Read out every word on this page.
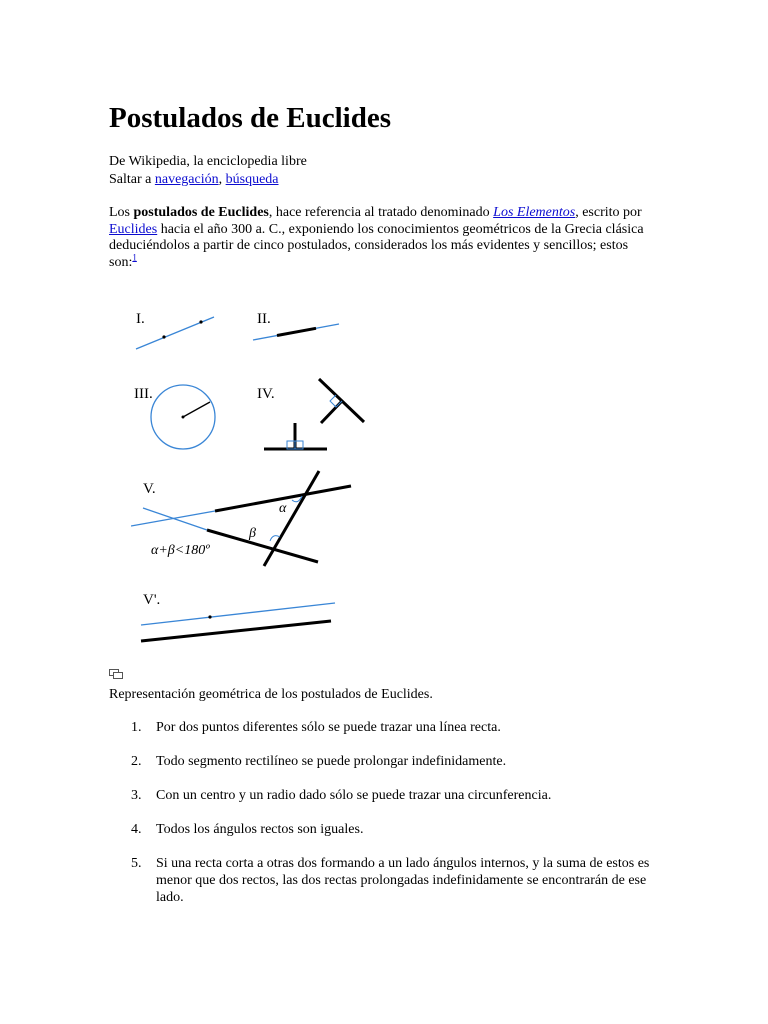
Postulados de Euclides
De Wikipedia, la enciclopedia libre
Saltar a navegación, búsqueda
Los postulados de Euclides, hace referencia al tratado denominado Los Elementos, escrito por Euclides hacia el año 300 a. C., exponiendo los conocimientos geométricos de la Grecia clásica deduciéndolos a partir de cinco postulados, considerados los más evidentes y sencillos; estos son:$^1$
I.	II.
III.	IV.
V.
α
β
α+β<180º
V'.
Representación geométrica de los postulados de Euclides.
1. Por dos puntos diferentes sólo se puede trazar una línea recta.
2. Todo segmento rectilíneo se puede prolongar indefinidamente.
3. Con un centro y un radio dado sólo se puede trazar una circunferencia.
4. Todos los ángulos rectos son iguales.
5. Si una recta corta a otras dos formando a un lado ángulos internos, y la suma de estos es menor que dos rectos, las dos rectas prolongadas indefinidamente se encontrarán de ese lado.
